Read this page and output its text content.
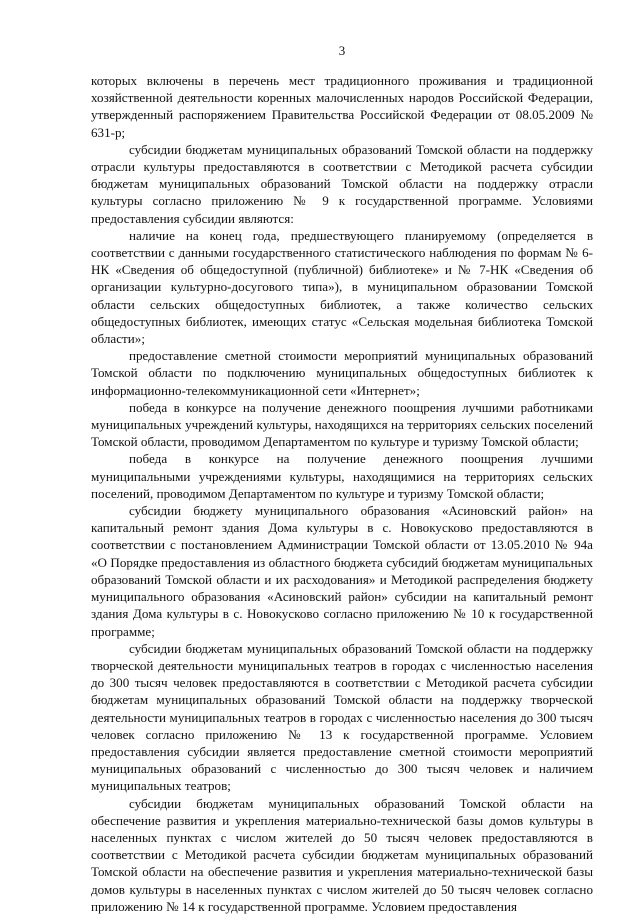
3

которых включены в перечень мест традиционного проживания и традиционной хозяйственной деятельности коренных малочисленных народов Российской Федерации, утвержденный распоряжением Правительства Российской Федерации от 08.05.2009 № 631-р;

субсидии бюджетам муниципальных образований Томской области на поддержку отрасли культуры предоставляются в соответствии с Методикой расчета субсидии бюджетам муниципальных образований Томской области на поддержку отрасли культуры согласно приложению № 9 к государственной программе. Условиями предоставления субсидии являются:

наличие на конец года, предшествующего планируемому (определяется в соответствии с данными государственного статистического наблюдения по формам № 6-НК «Сведения об общедоступной (публичной) библиотеке» и № 7-НК «Сведения об организации культурно-досугового типа»), в муниципальном образовании Томской области сельских общедоступных библиотек, а также количество сельских общедоступных библиотек, имеющих статус «Сельская модельная библиотека Томской области»;

предоставление сметной стоимости мероприятий муниципальных образований Томской области по подключению муниципальных общедоступных библиотек к информационно-телекоммуникационной сети «Интернет»;

победа в конкурсе на получение денежного поощрения лучшими работниками муниципальных учреждений культуры, находящихся на территориях сельских поселений Томской области, проводимом Департаментом по культуре и туризму Томской области;

победа в конкурсе на получение денежного поощрения лучшими муниципальными учреждениями культуры, находящимися на территориях сельских поселений, проводимом Департаментом по культуре и туризму Томской области;

субсидии бюджету муниципального образования «Асиновский район» на капитальный ремонт здания Дома культуры в с. Новокусково предоставляются в соответствии с постановлением Администрации Томской области от 13.05.2010 № 94а «О Порядке предоставления из областного бюджета субсидий бюджетам муниципальных образований Томской области и их расходования» и Методикой распределения бюджету муниципального образования «Асиновский район» субсидии на капитальный ремонт здания Дома культуры в с. Новокусково согласно приложению № 10 к государственной программе;

субсидии бюджетам муниципальных образований Томской области на поддержку творческой деятельности муниципальных театров в городах с численностью населения до 300 тысяч человек предоставляются в соответствии с Методикой расчета субсидии бюджетам муниципальных образований Томской области на поддержку творческой деятельности муниципальных театров в городах с численностью населения до 300 тысяч человек согласно приложению № 13 к государственной программе. Условием предоставления субсидии является предоставление сметной стоимости мероприятий муниципальных образований с численностью до 300 тысяч человек и наличием муниципальных театров;

субсидии бюджетам муниципальных образований Томской области на обеспечение развития и укрепления материально-технической базы домов культуры в населенных пунктах с числом жителей до 50 тысяч человек предоставляются в соответствии с Методикой расчета субсидии бюджетам муниципальных образований Томской области на обеспечение развития и укрепления материально-технической базы домов культуры в населенных пунктах с числом жителей до 50 тысяч человек согласно приложению № 14 к государственной программе. Условием предоставления
